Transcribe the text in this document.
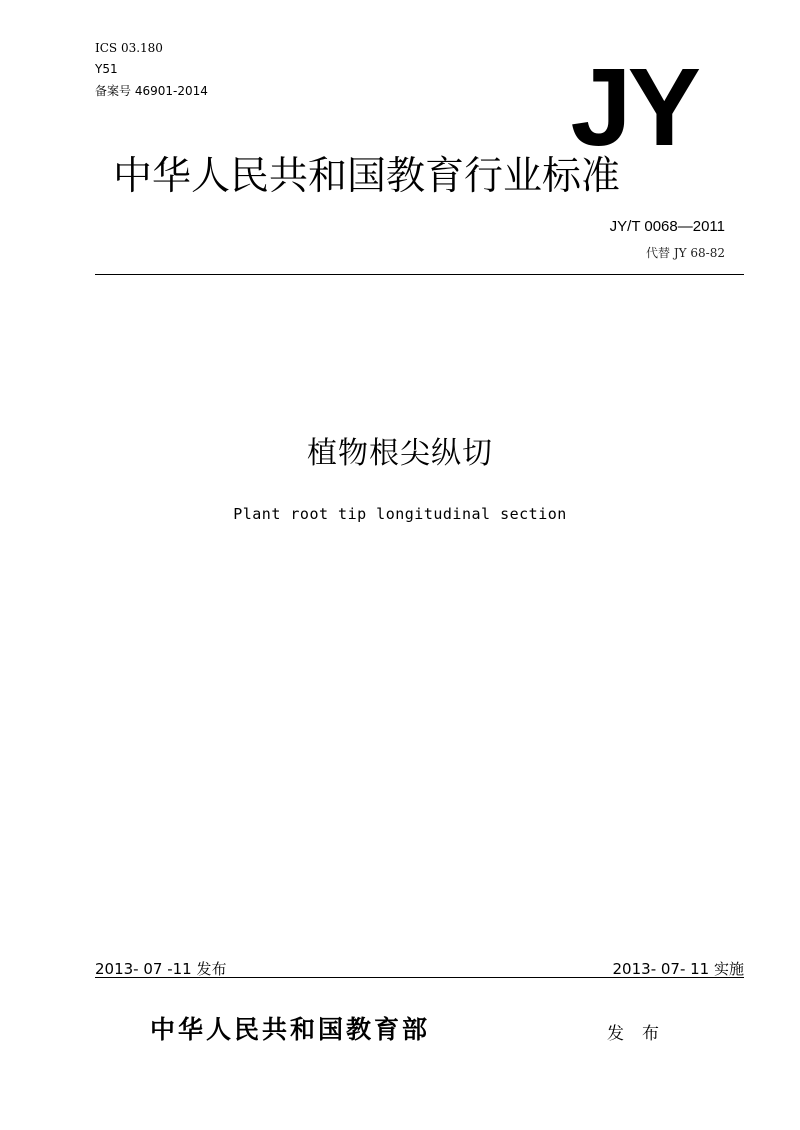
ICS 03.180
Y51
备案号 46901-2014	JY
中华人民共和国教育行业标准
JY/T 0068—2011
代替 JY 68-82
植物根尖纵切
Plant root tip longitudinal section
2013- 07 -11 发布	2013- 07- 11 实施
中华人民共和国教育部	发布
